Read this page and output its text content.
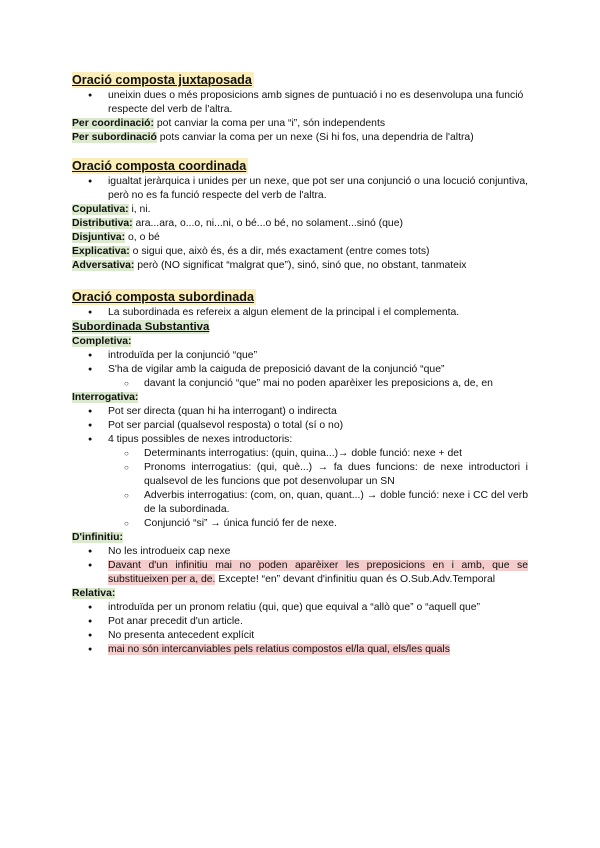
Oració composta juxtaposada
● uneixin dues o més proposicions amb signes de puntuació i no es desenvolupa una funció respecte del verb de l'altra.
Per coordinació: pot canviar la coma per una “i”, són independents
Per subordinació pots canviar la coma per un nexe (Si hi fos, una dependria de l'altra)
Oració composta coordinada
● igualtat jeràrquica i unides per un nexe, que pot ser una conjunció o una locució conjuntiva, però no es fa funció respecte del verb de l'altra.
Copulativa: i, ni.
Distributiva: ara...ara, o...o, ni...ni, o bé...o bé, no solament...sinó (que)
Disjuntiva: o, o bé
Explicativa: o sigui que, això és, és a dir, més exactament (entre comes tots)
Adversativa: però (NO significat “malgrat que”), sinó, sinó que, no obstant, tanmateix
Oració composta subordinada
● La subordinada es refereix a algun element de la principal i el complementa.
Subordinada Substantiva
Completiva:
● introduïda per la conjunció “que”
● S'ha de vigilar amb la caiguda de preposició davant de la conjunció “que”
○ davant la conjunció “que” mai no poden aparèixer les preposicions a, de, en
Interrogativa:
● Pot ser directa (quan hi ha interrogant) o indirecta
● Pot ser parcial (qualsevol resposta) o total (sí o no)
● 4 tipus possibles de nexes introductoris:
○ Determinants interrogatius: (quin, quina...)→ doble funció: nexe + det
○ Pronoms interrogatius: (qui, què...) → fa dues funcions: de nexe introductori i qualsevol de les funcions que pot desenvolupar un SN
○ Adverbis interrogatius: (com, on, quan, quant...) → doble funció: nexe i CC del verb de la subordinada.
○ Conjunció “si” → única funció fer de nexe.
D'infinitiu:
● No les introdueix cap nexe
● Davant d'un infinitiu mai no poden aparèixer les preposicions en i amb, que se substitueixen per a, de. Excepte! “en” devant d'infinitiu quan és O.Sub.Adv.Temporal
Relativa:
● introduïda per un pronom relatiu (qui, que) que equival a “allò que” o “aquell que”
● Pot anar precedit d'un article.
● No presenta antecedent explícit
● mai no són intercanviables pels relatius compostos el/la qual, els/les quals
